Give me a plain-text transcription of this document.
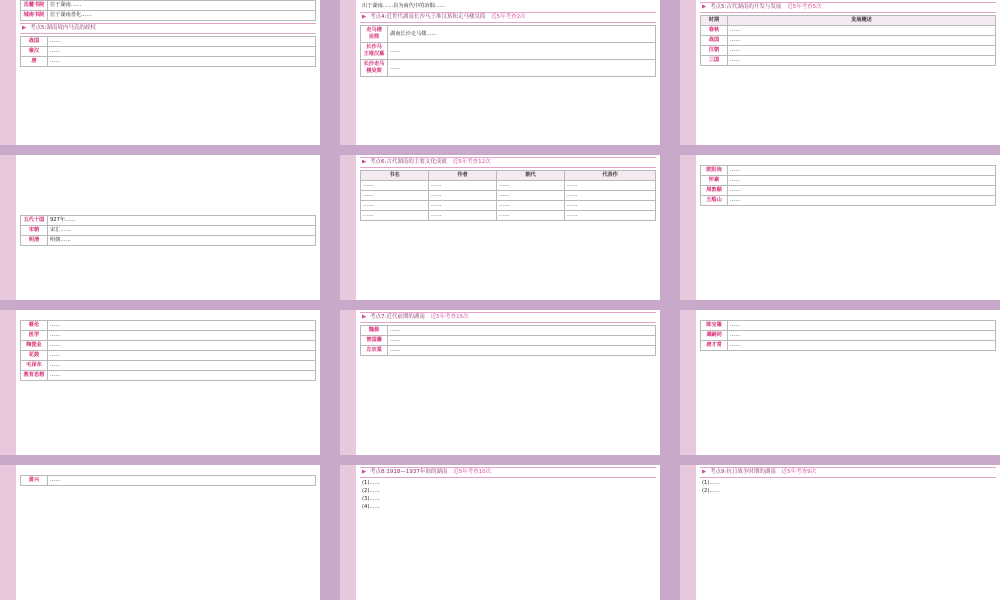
岳麓书院	位于湖南……
城南书院	位于湖南善化……
▶ 考点5:湖南境内马氏的政权
战国	……
秦汉	……
唐	……
出于湖南……县为商代中的冶铜……
▶ 考点4:近世代湖南长沙马王堆汉墓和走马楼吴简 近5年考查2次
走马楼 吴简	湖南长沙走马楼……
长沙马 王堆汉墓	……
长沙走马 楼吴简	……
▶ 考点5:古代湖南的开发与发展 近5年考查5次
时期	发展概述
春秋	……
战国	……
汉朝	……
三国	……
五代十国	927年……
宋朝	宋汇……
明清	明朝……
▶ 考点6:古代湖南的主要文化成就 近5年考查12次
书名	作者	朝代	代表作
……	……	……	……
……	……	……	……
……	……	……	……
……	……	……	……
欧阳询	……
怀素	……
周敦颐	……
王船山	……
蔡伦	……
医学	……
陶瓷业	……
花鼓	……
毛泽东	……
教育思想	……
▶ 考点7:近代前期的湖南 近5年考查15次
魏源	……
曾国藩	……
左宗棠	……
陈宝箴	……
谭嗣同	……
唐才常	……
黄兴	……
▶ 考点8:1918—1937年间的湖南 近5年考查10次
(1)……
(2)……
(3)……
(4)……
▶ 考点9:抗日战争时期的湖南 近5年考查9次
(1)……
(2)……
